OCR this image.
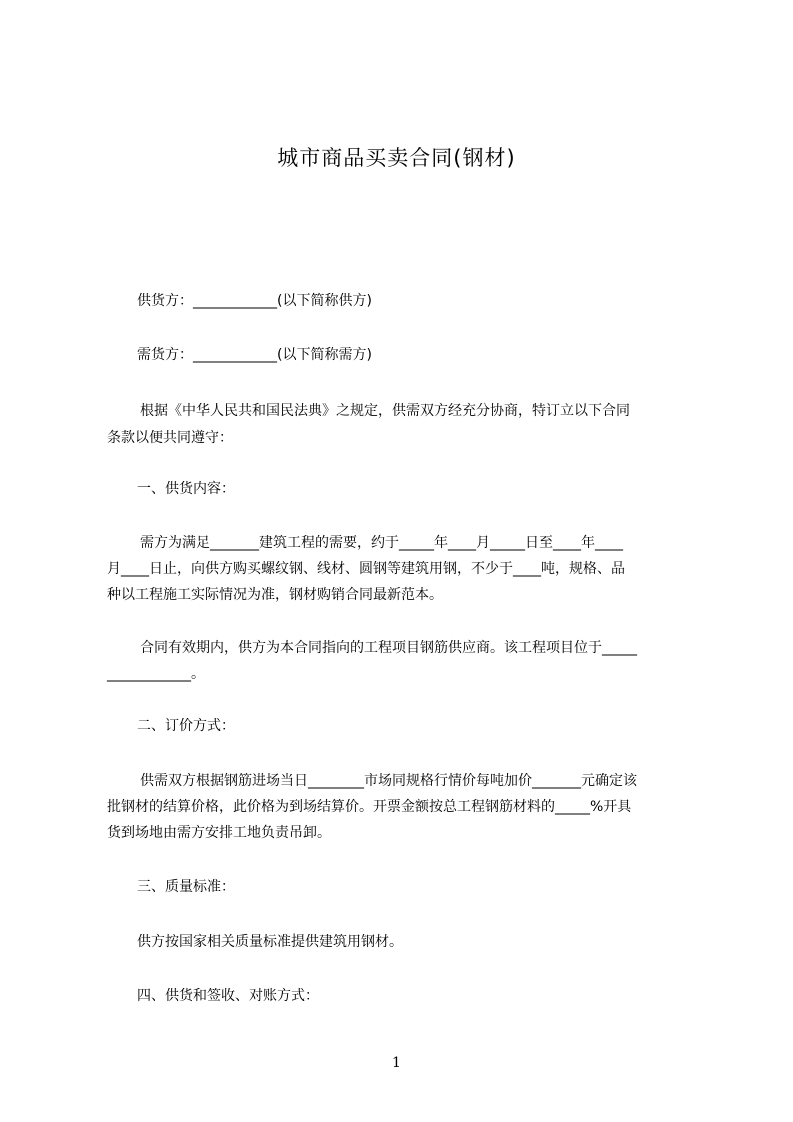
城市商品买卖合同(钢材)
供货方：____________(以下简称供方)
需货方：____________(以下简称需方)
根据《中华人民共和国民法典》之规定，供需双方经充分协商，特订立以下合同
条款以便共同遵守：
一、供货内容：
需方为满足_______建筑工程的需要，约于_____年____月_____日至____年____
月____日止，向供方购买螺纹钢、线材、圆钢等建筑用钢，不少于____吨，规格、品
种以工程施工实际情况为准，钢材购销合同最新范本。
合同有效期内，供方为本合同指向的工程项目钢筋供应商。该工程项目位于_____
____________。
二、订价方式：
供需双方根据钢筋进场当日________市场同规格行情价每吨加价_______元确定该
批钢材的结算价格，此价格为到场结算价。开票金额按总工程钢筋材料的_____%开具
货到场地由需方安排工地负责吊卸。
三、质量标准：
供方按国家相关质量标准提供建筑用钢材。
四、供货和签收、对账方式：
1
